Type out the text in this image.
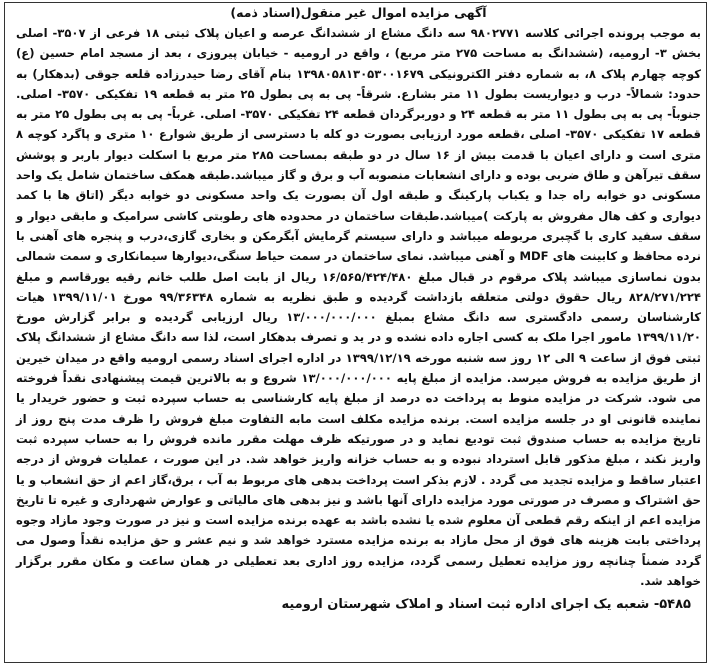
آگهی مزایده اموال غیر منقول(اسناد ذمه)

به موجب پرونده اجرائی کلاسه ۹۸۰۲۷۷۱ سه دانگ مشاع از ششدانگ عرصه و اعیان پلاک ثبتی ۱۸ فرعی از ۳۵۰۷- اصلی بخش ۳- ارومیه، (ششدانگ به مساحت ۲۷۵ متر مربع) ، واقع در ارومیه - خیابان پیروزی ، بعد از مسجد امام حسین (ع) کوچه چهارم پلاک ۸، به شماره دفتر الکترونیکی ۱۳۹۸۰۵۸۱۳۰۵۳۰۰۱۶۷۹ بنام آقای رضا حیدرزاده قلعه جوقی (بدهکار) به حدود: شمالاً- درب و دیواریست بطول ۱۱ متر بشارع. شرقاً- پی به پی بطول ۲۵ متر به قطعه ۱۹ تفکیکی ۳۵۷۰- اصلی. جنوباً- پی به پی بطول ۱۱ متر به قطعه ۲۴ و دوربرگردان قطعه ۲۴ تفکیکی ۳۵۷۰- اصلی. غرباً- پی به پی بطول ۲۵ متر به قطعه ۱۷ تفکیکی ۳۵۷۰- اصلی ،قطعه مورد ارزیابی بصورت دو کله با دسترسی از طریق شوارع ۱۰ متری و پاگرد کوچه ۸ متری است و دارای اعیان با قدمت بیش از ۱۶ سال در دو طبقه بمساحت ۲۸۵ متر مربع با اسکلت دیوار باربر و پوشش سقف تیرآهن و طاق ضربی بوده و دارای انشعابات منصوبه آب و برق و گاز میباشد.طبقه همکف ساختمان شامل یک واحد مسکونی دو خوابه راه جدا و یکباب پارکینگ و طبقه اول آن بصورت یک واحد مسکونی دو خوابه دیگر (اتاق ها با کمد دیواری و کف هال مفروش به پارکت )میباشد.طبقات ساختمان در محدوده های رطوبتی کاشی سرامیک و مابقی دیوار و سقف سفید کاری با گچبری مربوطه میباشد و دارای سیستم گرمایش آبگرمکن و بخاری گازی،درب و پنجره های آهنی با نرده محافظ و کابینت های MDF و آهنی میباشد. نمای ساختمان در سمت حیاط سنگی،دیوارها سیمانکاری و سمت شمالی بدون نماسازی میباشد پلاک مرقوم در قبال مبلغ ۱۶/۵۶۵/۴۲۴/۴۸۰ ریال از بابت اصل طلب خانم رقیه یورقاسم و مبلغ ۸۲۸/۲۷۱/۲۲۴ ریال حقوق دولتی متعلقه بازداشت گردیده و طبق نظریه به شماره ۹۹/۳۶۳۴۸ مورخ ۱۳۹۹/۱۱/۰۱ هیات کارشناسان رسمی دادگستری سه دانگ مشاع بمبلغ ۱۳/۰۰۰/۰۰۰/۰۰۰ ریال ارزیابی گردیده و برابر گزارش مورخ ۱۳۹۹/۱۱/۲۰ مامور اجرا ملک به کسی اجاره داده نشده و در ید و تصرف بدهکار است، لذا سه دانگ مشاع از ششدانگ پلاک ثبتی فوق از ساعت ۹ الی ۱۲ روز سه شنبه مورخه ۱۳۹۹/۱۲/۱۹ در اداره اجرای اسناد رسمی ارومیه واقع در میدان خیرین از طریق مزایده به فروش میرسد. مزایده از مبلغ پایه ۱۳/۰۰۰/۰۰۰/۰۰۰ شروع و به بالاترین قیمت پیشنهادی نقداً فروخته می شود. شرکت در مزایده منوط به پرداخت ده درصد از مبلغ پایه کارشناسی به حساب سپرده ثبت و حضور خریدار یا نماینده قانونی او در جلسه مزایده است. برنده مزایده مکلف است مابه التفاوت مبلغ فروش را ظرف مدت پنج روز از تاریخ مزایده به حساب صندوق ثبت تودیع نماید و در صورتیکه ظرف مهلت مقرر مانده فروش را به حساب سپرده ثبت واریز نکند ، مبلغ مذکور قابل استرداد نبوده و به حساب خزانه واریز خواهد شد. در این صورت ، عملیات فروش از درجه اعتبار ساقط و مزایده تجدید می گردد . لازم بذکر است پرداخت بدهی های مربوط به آب ، برق،گاز اعم از حق انشعاب و یا حق اشتراک و مصرف در صورتی مورد مزایده دارای آنها باشد و نیز بدهی های مالیاتی و عوارض شهرداری و غیره تا تاریخ مزایده اعم از اینکه رقم قطعی آن معلوم شده یا نشده باشد به عهده برنده مزایده است و نیز در صورت وجود مازاد وجوه پرداختی بابت هزینه های فوق از محل مازاد به برنده مزایده مسترد خواهد شد و نیم عشر و حق مزایده نقداً وصول می گردد ضمناً چنانچه روز مزایده تعطیل رسمی گردد، مزایده روز اداری بعد تعطیلی در همان ساعت و مکان مقرر برگزار خواهد شد.

۵۴۸۵- شعبه یک اجرای اداره ثبت اسناد و املاک شهرستان ارومیه
